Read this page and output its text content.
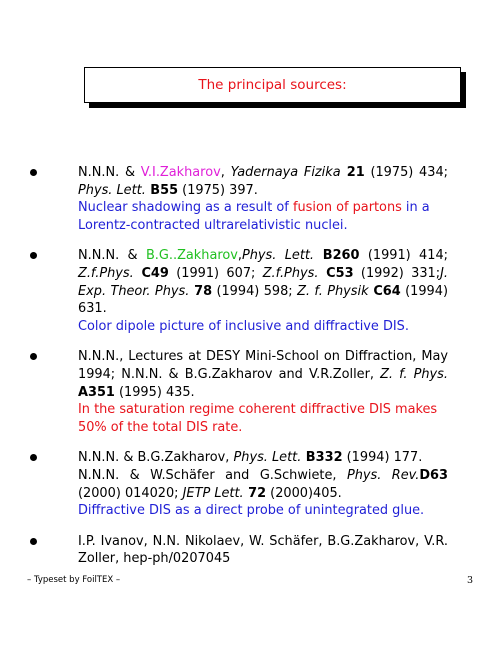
The principal sources:
N.N.N. & V.I.Zakharov, Yadernaya Fizika 21 (1975) 434; Phys. Lett. B55 (1975) 397.

Nuclear shadowing as a result of fusion of partons in a Lorentz-contracted ultrarelativistic nuclei.

N.N.N. & B.G..Zakharov,Phys. Lett. B260 (1991) 414; Z.f.Phys. C49 (1991) 607; Z.f.Phys. C53 (1992) 331;J. Exp. Theor. Phys. 78 (1994) 598; Z. f. Physik C64 (1994) 631.

Color dipole picture of inclusive and diffractive DIS.

N.N.N., Lectures at DESY Mini-School on Diffraction, May 1994; N.N.N. & B.G.Zakharov and V.R.Zoller, Z. f. Phys. A351 (1995) 435.

In the saturation regime coherent diffractive DIS makes 50% of the total DIS rate.

N.N.N. & B.G.Zakharov, Phys. Lett. B332 (1994) 177.

N.N.N. & W.Schäfer and G.Schwiete, Phys. Rev.D63 (2000) 014020; JETP Lett. 72 (2000)405.

Diffractive DIS as a direct probe of unintegrated glue.

I.P. Ivanov, N.N. Nikolaev, W. Schäfer, B.G.Zakharov, V.R. Zoller, hep-ph/0207045
– Typeset by FoilTEX –	3
